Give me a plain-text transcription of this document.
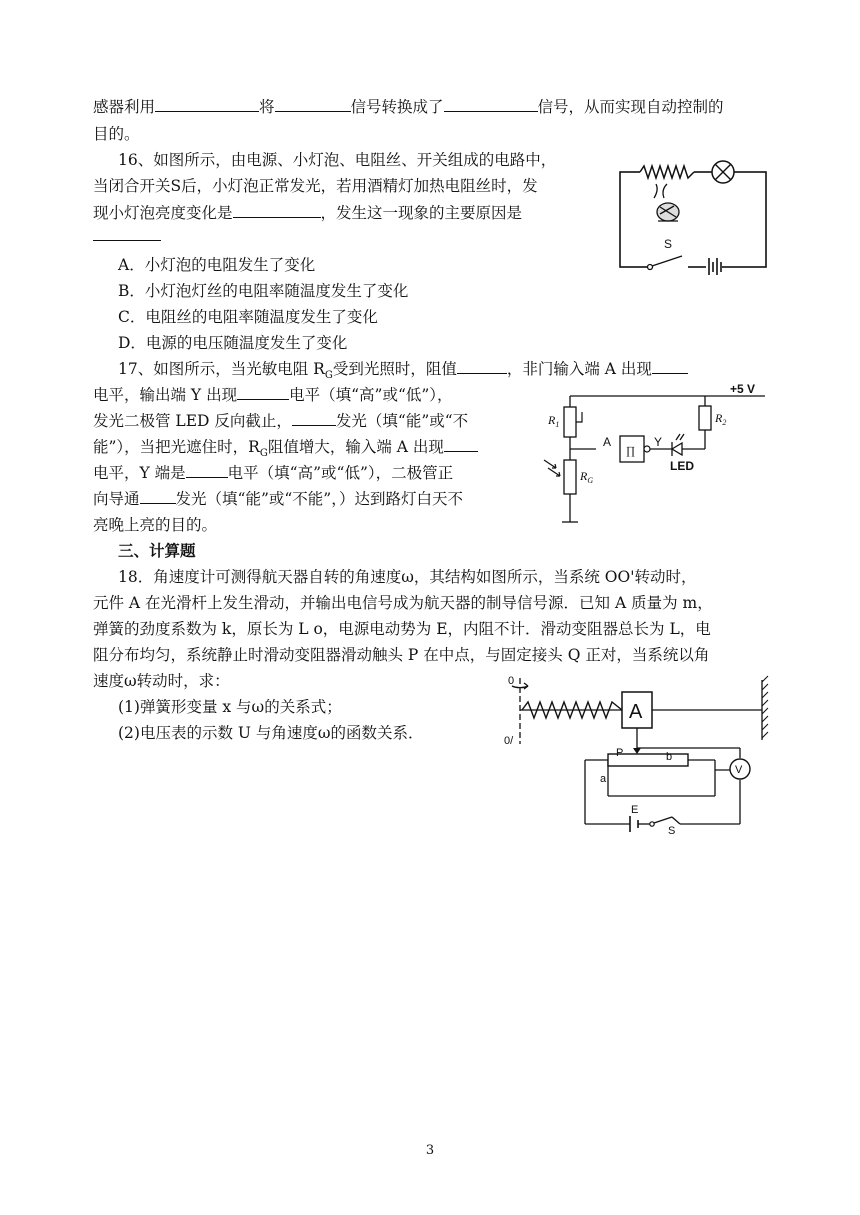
感器利用	将	信号转换成了	信号，从而实现自动控制的
目的。
16、如图所示，由电源、小灯泡、电阻丝、开关组成的电路中，
当闭合开关S后，小灯泡正常发光，若用酒精灯加热电阻丝时，发
现小灯泡亮度变化是	，发生这一现象的主要原因是
A．小灯泡的电阻发生了变化
B．小灯泡灯丝的电阻率随温度发生了变化
C．电阻丝的电阻率随温度发生了变化
D．电源的电压随温度发生了变化
S
17、如图所示，当光敏电阻 $R_G$受到光照时，阻值	，非门输入端 A 出现
电平，输出端 Y 出现	电平（填“高”或“低”），
发光二极管 LED 反向截止，	发光（填“能”或“不
能”），当把光遮住时，$R_G$阻值增大，输入端 A 出现
电平，Y 端是	电平（填“高”或“低”），二极管正
向导通 发光（填“能”或“不能”，）达到路灯白天不
亮晚上亮的目的。
+5 V
$R_1$	$R_2$
∏
A	Y
LED
$R_G$
三、计算题
18．角速度计可测得航天器自转的角速度ω，其结构如图所示，当系统 OO'转动时，
元件 A 在光滑杆上发生滑动，并输出电信号成为航天器的制导信号源．已知 A 质量为 m，
弹簧的劲度系数为 k，原长为 L o，电源电动势为 E，内阻不计．滑动变阻器总长为 L，电
阻分布均匀，系统静止时滑动变阻器滑动触头 P 在中点，与固定接头 Q 正对，当系统以角
速度ω转动时，求：
(1)弹簧形变量 x 与ω的关系式；
(2)电压表的示数 U 与角速度ω的函数关系．
0
0/
A
P	b
a
V
E
S
3
